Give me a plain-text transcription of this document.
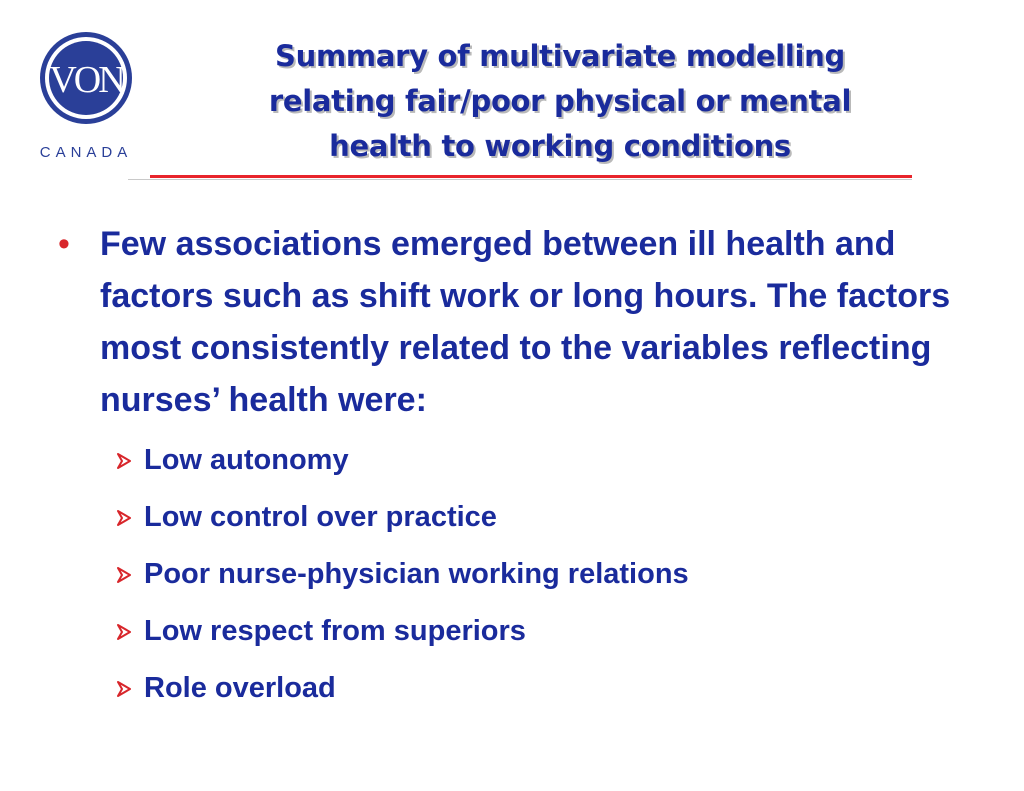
VON
CANADA
Summary of multivariate modelling
relating fair/poor physical or mental
health to working conditions
• Few associations emerged between ill health and factors such as shift work or long hours. The factors most consistently related to the variables reflecting nurses’ health were:
Low autonomy
Low control over practice
Poor nurse-physician working relations
Low respect from superiors
Role overload
